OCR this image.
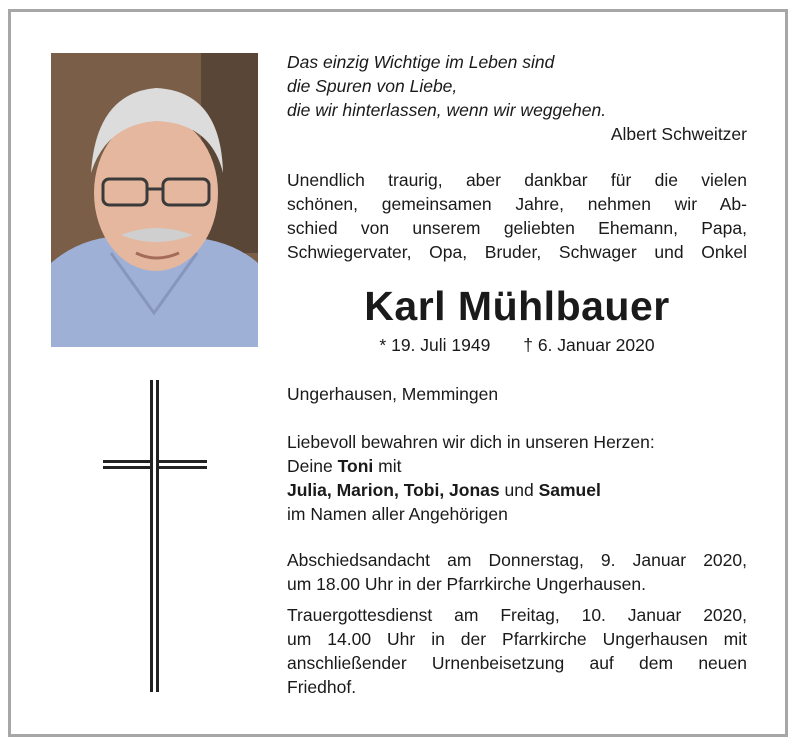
Das einzig Wichtige im Leben sind
die Spuren von Liebe,
die wir hinterlassen, wenn wir weggehen.
Albert Schweitzer
Unendlich traurig, aber dankbar für die vielen
schönen, gemeinsamen Jahre, nehmen wir Ab-
schied von unserem geliebten Ehemann, Papa,
Schwiegervater, Opa, Bruder, Schwager und Onkel
Karl Mühlbauer
* 19. Juli 1949 † 6. Januar 2020
Ungerhausen, Memmingen
Liebevoll bewahren wir dich in unseren Herzen:
Deine Toni mit
Julia, Marion, Tobi, Jonas und Samuel
im Namen aller Angehörigen
Abschiedsandacht am Donnerstag, 9. Januar 2020,
um 18.00 Uhr in der Pfarrkirche Ungerhausen.
Trauergottesdienst am Freitag, 10. Januar 2020,
um 14.00 Uhr in der Pfarrkirche Ungerhausen mit
anschließender Urnenbeisetzung auf dem neuen
Friedhof.
